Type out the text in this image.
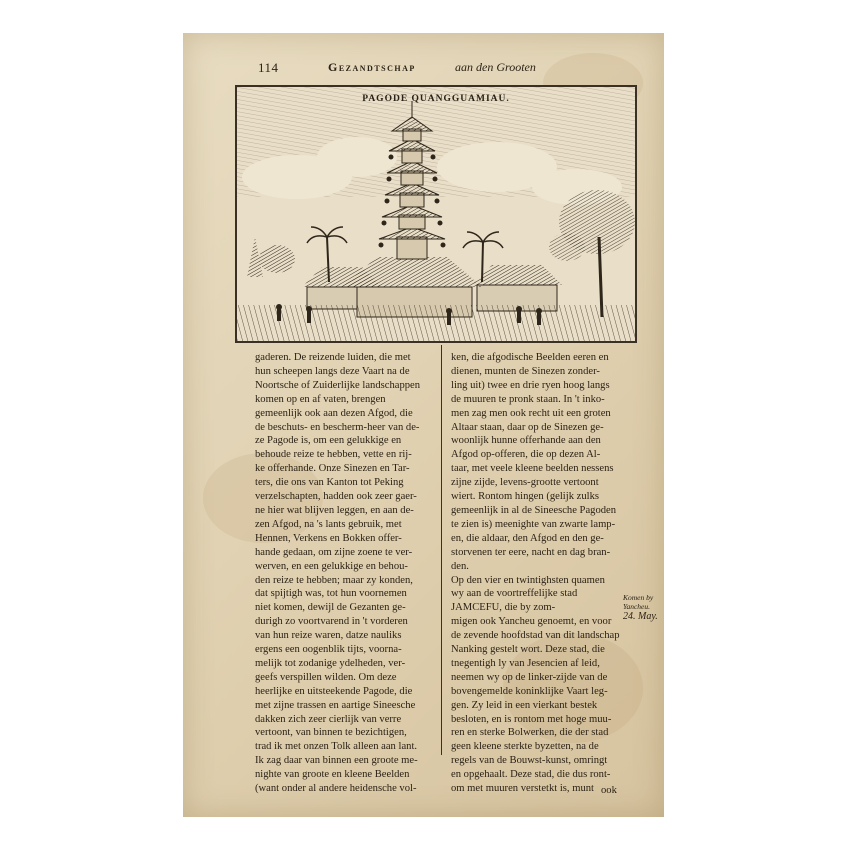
114	Gezandtschap	aan den Grooten
PAGODE QUANGGUAMIAU.
gaderen. De reizende luiden, die met
hun scheepen langs deze Vaart na de
Noortsche of Zuiderlijke landschappen
komen op en af vaten, brengen
gemeenlijk ook aan dezen Afgod, die
de beschuts- en bescherm-heer van de-
ze Pagode is, om een gelukkige en
behoude reize te hebben, vette en rij-
ke offerhande. Onze Sinezen en Tar-
ters, die ons van Kanton tot Peking
verzelschapten, hadden ook zeer gaer-
ne hier wat blijven leggen, en aan de-
zen Afgod, na 's lants gebruik, met
Hennen, Verkens en Bokken offer-
hande gedaan, om zijne zoene te ver-
werven, en een gelukkige en behou-
den reize te hebben; maar zy konden,
dat spijtigh was, tot hun voornemen
niet komen, dewijl de Gezanten ge-
durigh zo voortvarend in 't vorderen
van hun reize waren, datze nauliks
ergens een oogenblik tijts, voorna-
melijk tot zodanige ydelheden, ver-
geefs verspillen wilden. Om deze
heerlijke en uitsteekende Pagode, die
met zijne trassen en aartige Sineesche
dakken zich zeer cierlijk van verre
vertoont, van binnen te bezichtigen,
trad ik met onzen Tolk alleen aan lant.
Ik zag daar van binnen een groote me-
nighte van groote en kleene Beelden
(want onder al andere heidensche vol-
ken, die afgodische Beelden eeren en
dienen, munten de Sinezen zonder-
ling uit) twee en drie ryen hoog langs
de muuren te pronk staan. In 't inko-
men zag men ook recht uit een groten
Altaar staan, daar op de Sinezen ge-
woonlijk hunne offerhande aan den
Afgod op-offeren, die op dezen Al-
taar, met veele kleene beelden nessens
zijne zijde, levens-grootte vertoont
wiert. Rontom hingen (gelijk zulks
gemeenlijk in al de Sineesche Pagoden
te zien is) meenighte van zwarte lamp-
en, die aldaar, den Afgod en den ge-
storvenen ter eere, nacht en dag bran-
den.
Op den vier en twintighsten quamen
wy aan de voortreffelijke stad
JAMCEFU, die by zom-
migen ook Yancheu genoemt, en voor
de zevende hoofdstad van dit landschap
Nanking gestelt wort. Deze stad, die
tnegentigh ly van Jesencien af leid,
neemen wy op de linker-zijde van de
bovengemelde koninklijke Vaart leg-
gen. Zy leid in een vierkant bestek
besloten, en is rontom met hoge muu-
ren en sterke Bolwerken, die der stad
geen kleene sterkte byzetten, na de
regels van de Bouwst-kunst, omringt
en opgehaalt. Deze stad, die dus ront-
om met muuren verstetkt is, munt
Komen by
Yancheu.
24. May.
ook
